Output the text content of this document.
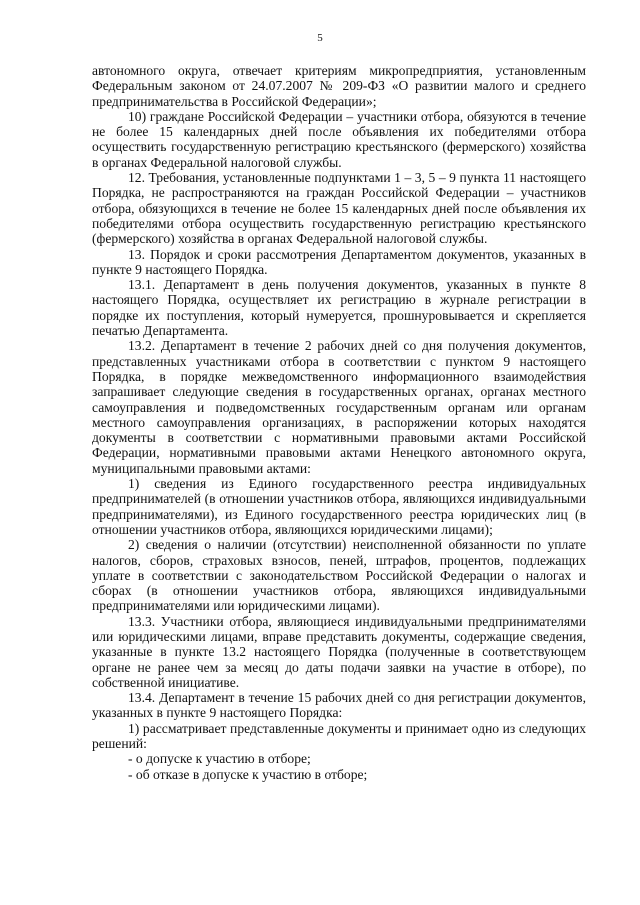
5

автономного округа, отвечает критериям микропредприятия, установленным Федеральным законом от 24.07.2007 № 209-ФЗ «О развитии малого и среднего предпринимательства в Российской Федерации»;

10) граждане Российской Федерации – участники отбора, обязуются в течение не более 15 календарных дней после объявления их победителями отбора осуществить государственную регистрацию крестьянского (фермерского) хозяйства в органах Федеральной налоговой службы.

12. Требования, установленные подпунктами 1 – 3, 5 – 9 пункта 11 настоящего Порядка, не распространяются на граждан Российской Федерации – участников отбора, обязующихся в течение не более 15 календарных дней после объявления их победителями отбора осуществить государственную регистрацию крестьянского (фермерского) хозяйства в органах Федеральной налоговой службы.

13. Порядок и сроки рассмотрения Департаментом документов, указанных в пункте 9 настоящего Порядка.

13.1. Департамент в день получения документов, указанных в пункте 8 настоящего Порядка, осуществляет их регистрацию в журнале регистрации в порядке их поступления, который нумеруется, прошнуровывается и скрепляется печатью Департамента.

13.2. Департамент в течение 2 рабочих дней со дня получения документов, представленных участниками отбора в соответствии с пунктом 9 настоящего Порядка, в порядке межведомственного информационного взаимодействия запрашивает следующие сведения в государственных органах, органах местного самоуправления и подведомственных государственным органам или органам местного самоуправления организациях, в распоряжении которых находятся документы в соответствии с нормативными правовыми актами Российской Федерации, нормативными правовыми актами Ненецкого автономного округа, муниципальными правовыми актами:

1) сведения из Единого государственного реестра индивидуальных предпринимателей (в отношении участников отбора, являющихся индивидуальными предпринимателями), из Единого государственного реестра юридических лиц (в отношении участников отбора, являющихся юридическими лицами);

2) сведения о наличии (отсутствии) неисполненной обязанности по уплате налогов, сборов, страховых взносов, пеней, штрафов, процентов, подлежащих уплате в соответствии с законодательством Российской Федерации о налогах и сборах (в отношении участников отбора, являющихся индивидуальными предпринимателями или юридическими лицами).

13.3. Участники отбора, являющиеся индивидуальными предпринимателями или юридическими лицами, вправе представить документы, содержащие сведения, указанные в пункте 13.2 настоящего Порядка (полученные в соответствующем органе не ранее чем за месяц до даты подачи заявки на участие в отборе), по собственной инициативе.

13.4. Департамент в течение 15 рабочих дней со дня регистрации документов, указанных в пункте 9 настоящего Порядка:

1) рассматривает представленные документы и принимает одно из следующих решений:

- о допуске к участию в отборе;

- об отказе в допуске к участию в отборе;
